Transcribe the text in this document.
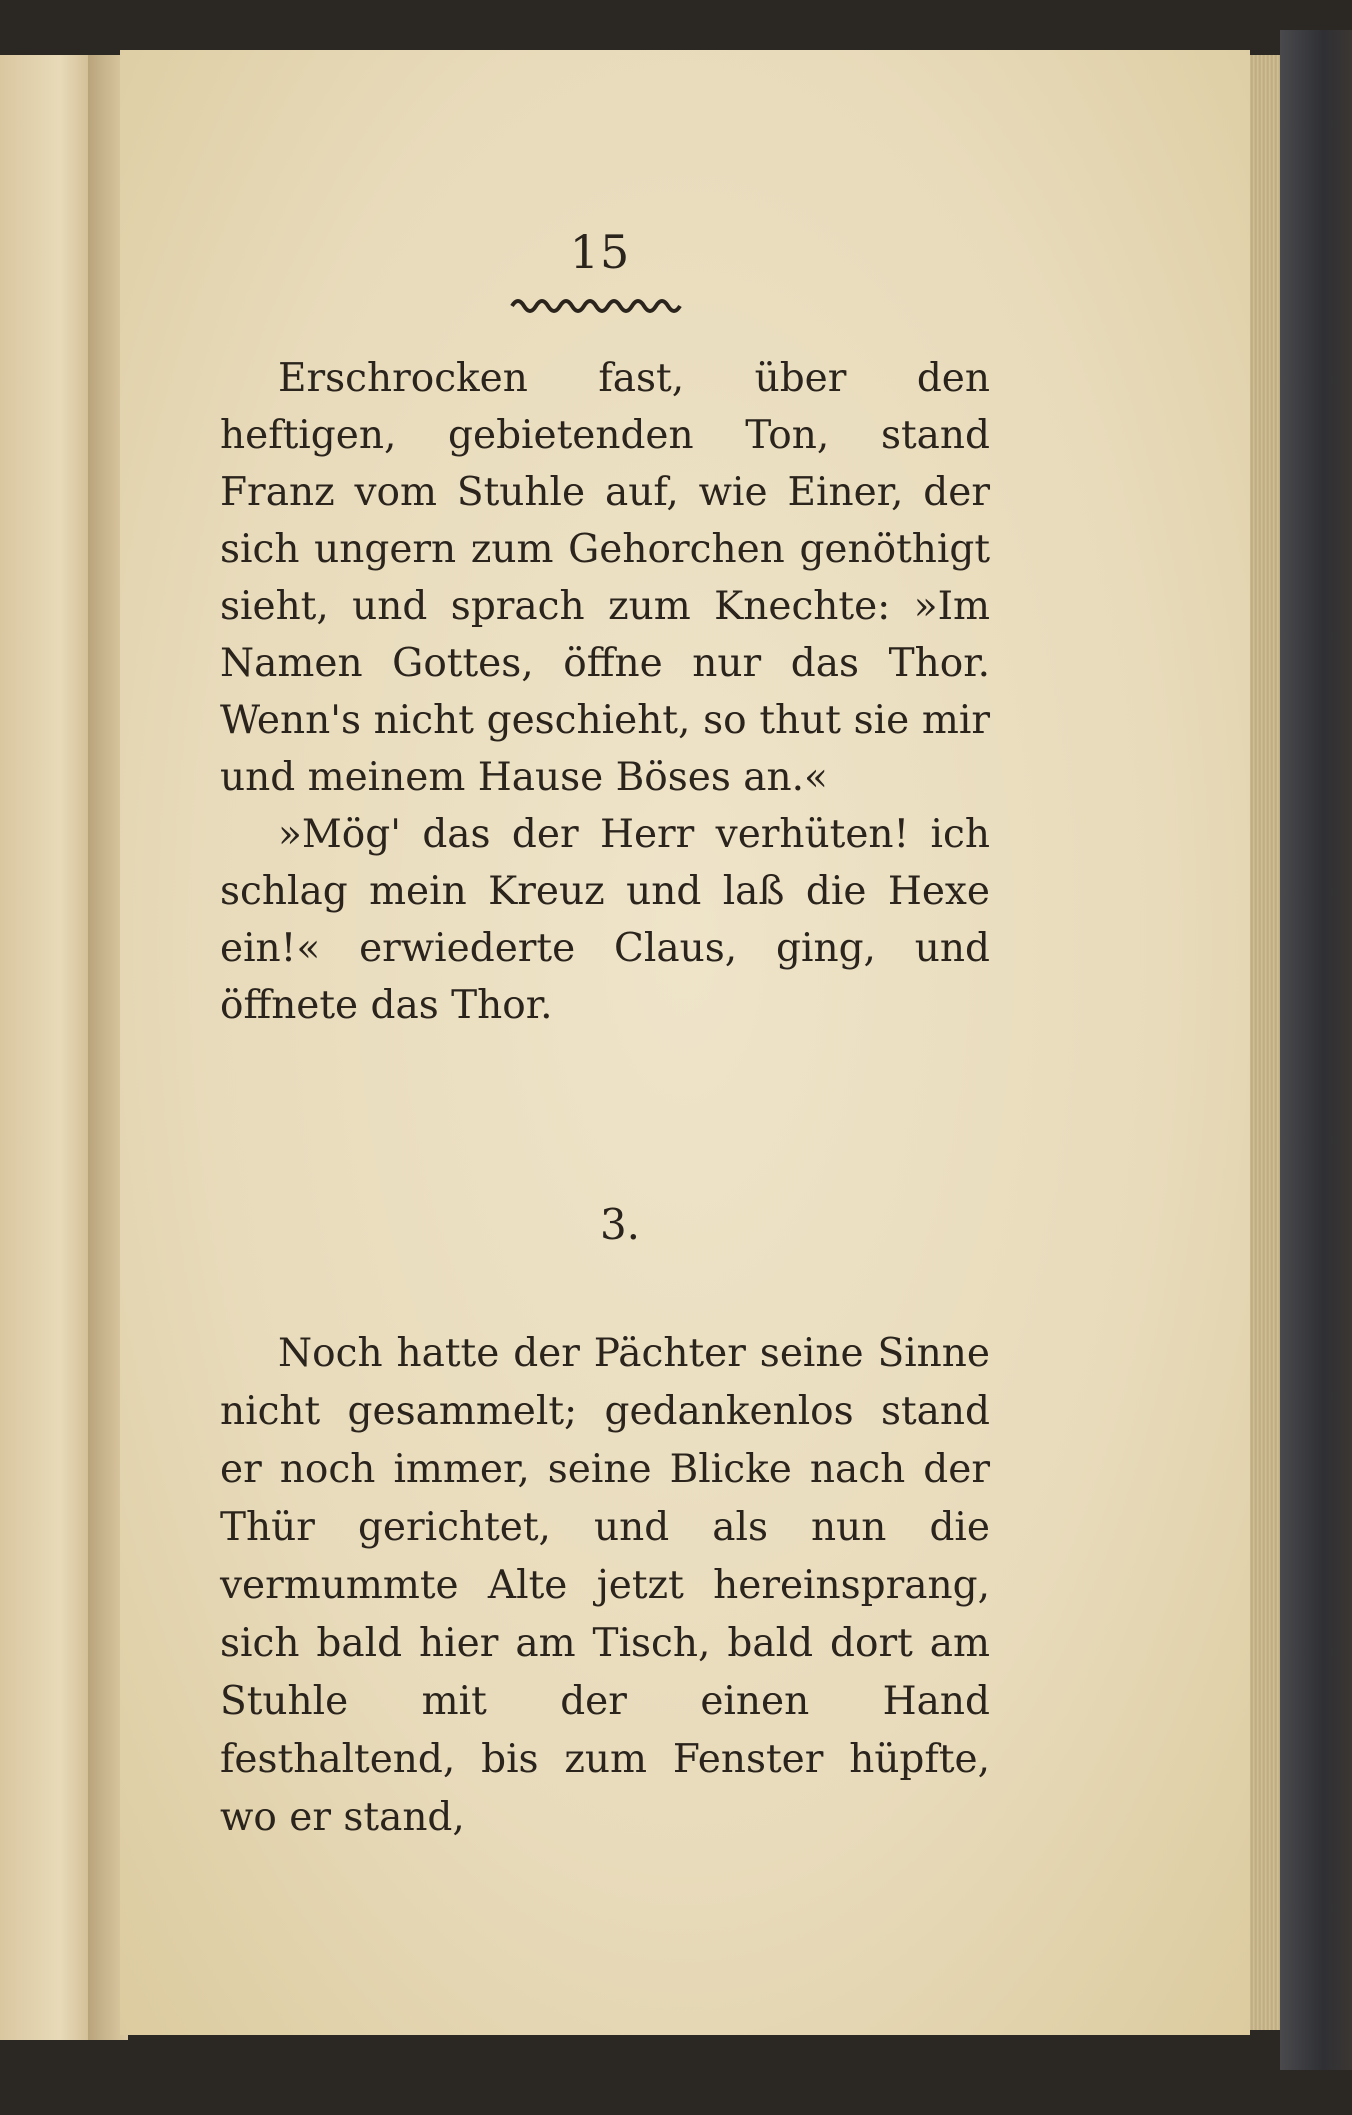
15

Erschrocken fast, über den heftigen, gebietenden Ton, stand Franz vom Stuhle auf, wie Einer, der sich ungern zum Gehorchen genöthigt sieht, und sprach zum Knechte: »Im Namen Gottes, öffne nur das Thor. Wenn's nicht geschieht, so thut sie mir und meinem Hause Böses an.«

»Mög' das der Herr verhüten! ich schlag mein Kreuz und laß die Hexe ein!« erwiederte Claus, ging, und öffnete das Thor.

3.

Noch hatte der Pächter seine Sinne nicht gesammelt; gedankenlos stand er noch immer, seine Blicke nach der Thür gerichtet, und als nun die vermummte Alte jetzt hereinsprang, sich bald hier am Tisch, bald dort am Stuhle mit der einen Hand festhaltend, bis zum Fenster hüpfte, wo er stand,
